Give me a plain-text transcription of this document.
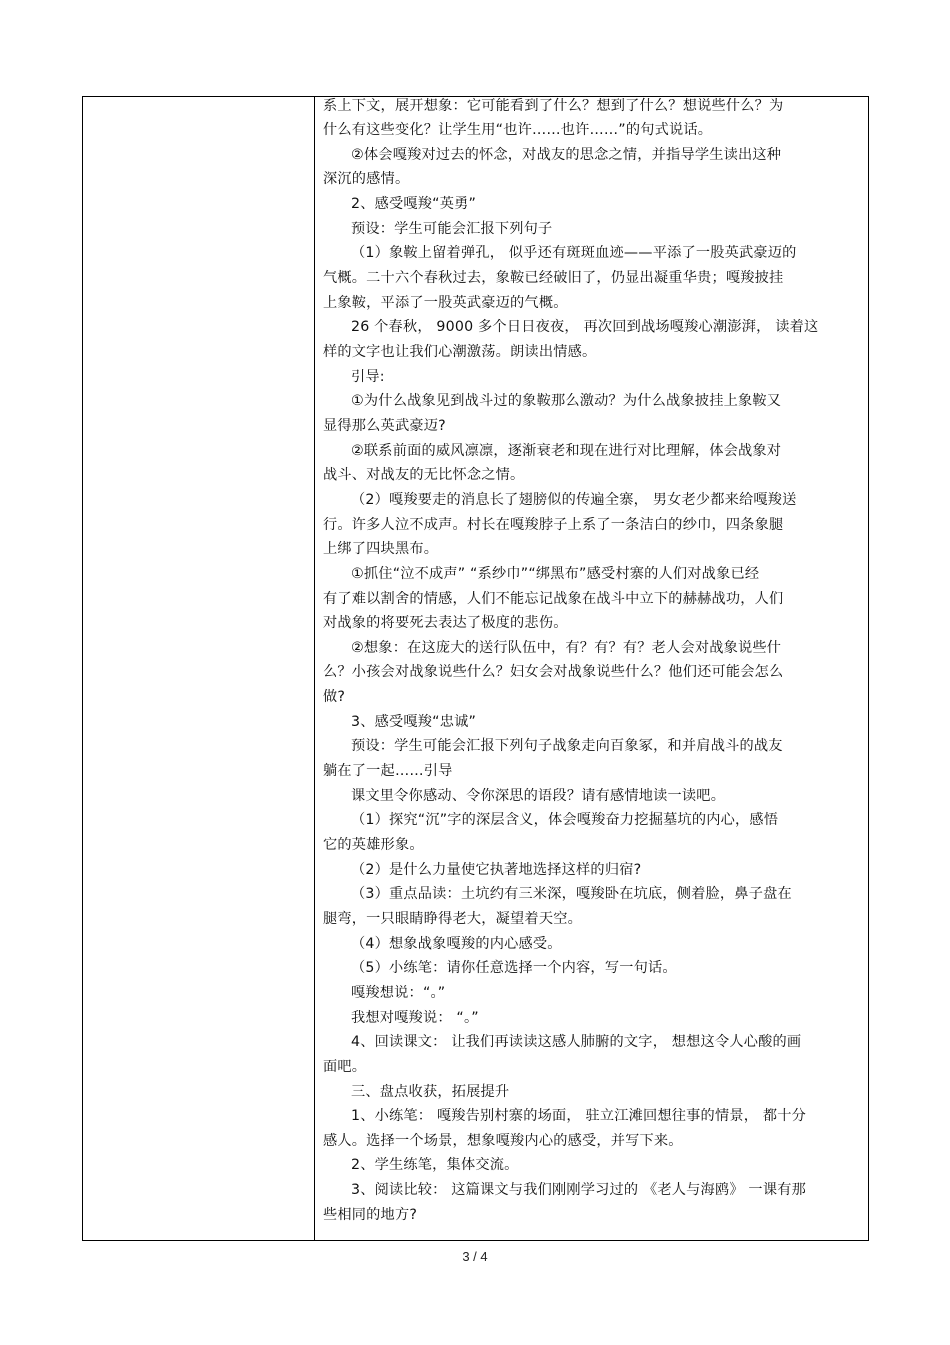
系上下文，展开想象：它可能看到了什么？想到了什么？想说些什么？为
什么有这些变化？让学生用“也许……也许……”的句式说话。
②体会嘎羧对过去的怀念，对战友的思念之情，并指导学生读出这种
深沉的感情。
2、感受嘎羧“英勇”
预设：学生可能会汇报下列句子
（1）象鞍上留着弹孔， 似乎还有斑斑血迹——平添了一股英武豪迈的
气概。二十六个春秋过去，象鞍已经破旧了，仍显出凝重华贵；嘎羧披挂
上象鞍，平添了一股英武豪迈的气概。
26 个春秋， 9000 多个日日夜夜， 再次回到战场嘎羧心潮澎湃， 读着这
样的文字也让我们心潮激荡。朗读出情感。
引导:
①为什么战象见到战斗过的象鞍那么激动？为什么战象披挂上象鞍又
显得那么英武豪迈?
②联系前面的威风凛凛，逐渐衰老和现在进行对比理解，体会战象对
战斗、对战友的无比怀念之情。
（2）嘎羧要走的消息长了翅膀似的传遍全寨， 男女老少都来给嘎羧送
行。许多人泣不成声。村长在嘎羧脖子上系了一条洁白的纱巾，四条象腿
上绑了四块黑布。
①抓住“泣不成声” “系纱巾”“绑黑布”感受村寨的人们对战象已经
有了难以割舍的情感，人们不能忘记战象在战斗中立下的赫赫战功，人们
对战象的将要死去表达了极度的悲伤。
②想象：在这庞大的送行队伍中，有？有？有？老人会对战象说些什
么？小孩会对战象说些什么？妇女会对战象说些什么？他们还可能会怎么
做?
3、感受嘎羧“忠诚”
预设：学生可能会汇报下列句子战象走向百象冢，和并肩战斗的战友
躺在了一起……引导
课文里令你感动、令你深思的语段？请有感情地读一读吧。
（1）探究“沉”字的深层含义，体会嘎羧奋力挖掘墓坑的内心，感悟
它的英雄形象。
（2）是什么力量使它执著地选择这样的归宿?
（3）重点品读：土坑约有三米深，嘎羧卧在坑底，侧着脸，鼻子盘在
腿弯，一只眼睛睁得老大，凝望着天空。
（4）想象战象嘎羧的内心感受。
（5）小练笔：请你任意选择一个内容，写一句话。
嘎羧想说：“。”
我想对嘎羧说： “。”
4、回读课文： 让我们再读读这感人肺腑的文字， 想想这令人心酸的画
面吧。
三、盘点收获，拓展提升
1、小练笔： 嘎羧告别村寨的场面， 驻立江滩回想往事的情景， 都十分
感人。选择一个场景，想象嘎羧内心的感受，并写下来。
2、学生练笔，集体交流。
3、阅读比较： 这篇课文与我们刚刚学习过的 《老人与海鸥》 一课有那
些相同的地方?
3 / 4
